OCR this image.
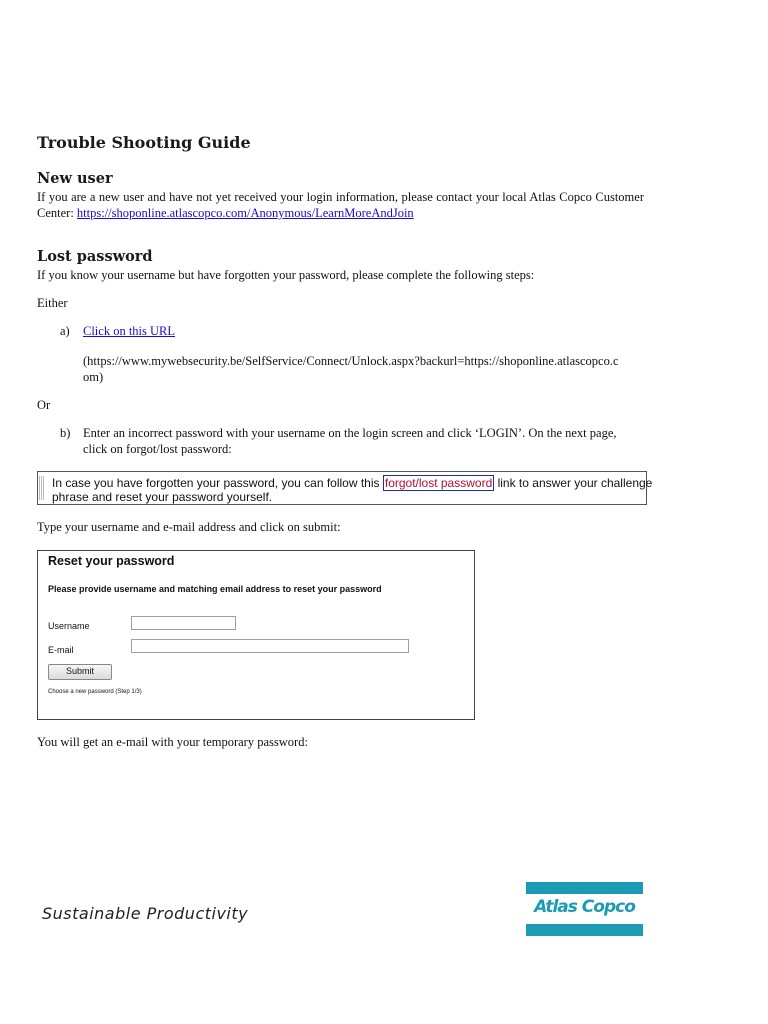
Trouble Shooting Guide
New user
If you are a new user and have not yet received your login information, please contact your local Atlas Copco Customer Center: https://shoponline.atlascopco.com/Anonymous/LearnMoreAndJoin
Lost password
If you know your username but have forgotten your password, please complete the following steps:
Either
a) Click on this URL
(https://www.mywebsecurity.be/SelfService/Connect/Unlock.aspx?backurl=https://shoponline.atlascopco.c
om)
Or
b) Enter an incorrect password with your username on the login screen and click ‘LOGIN’. On the next page,
click on forgot/lost password:
In case you have forgotten your password, you can follow this forgot/lost password link to answer your challenge
phrase and reset your password yourself.
Type your username and e-mail address and click on submit:
Reset your password
Please provide username and matching email address to reset your password
Username
E-mail
Submit
Choose a new password (Step 1/3)
You will get an e-mail with your temporary password:
Sustainable Productivity	Atlas Copco
